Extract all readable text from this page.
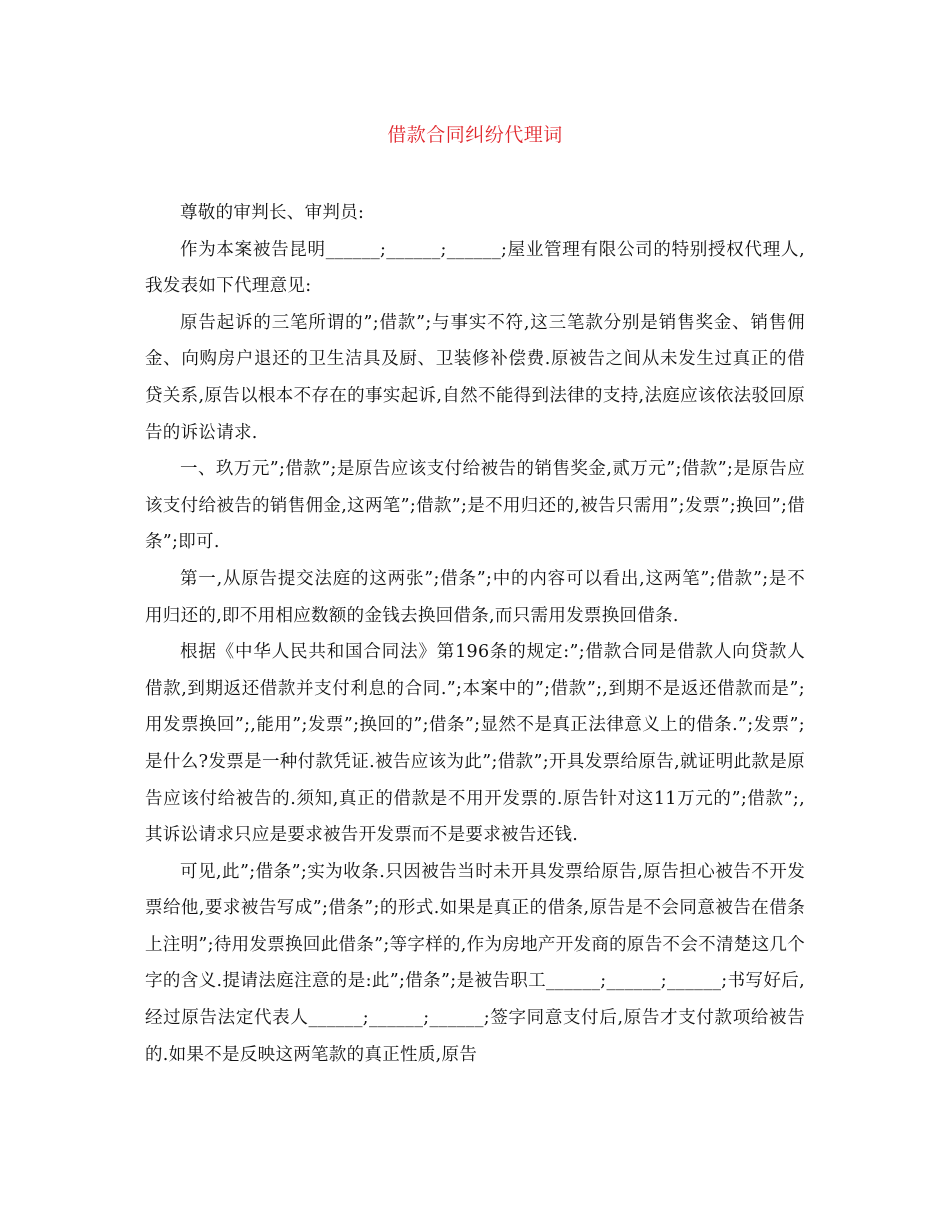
借款合同纠纷代理词

尊敬的审判长、审判员:

作为本案被告昆明______;______;______;屋业管理有限公司的特别授权代理人,我发表如下代理意见:

原告起诉的三笔所谓的”;借款”;与事实不符,这三笔款分别是销售奖金、销售佣金、向购房户退还的卫生洁具及厨、卫装修补偿费.原被告之间从未发生过真正的借贷关系,原告以根本不存在的事实起诉,自然不能得到法律的支持,法庭应该依法驳回原告的诉讼请求.

一、玖万元”;借款”;是原告应该支付给被告的销售奖金,贰万元”;借款”;是原告应该支付给被告的销售佣金,这两笔”;借款”;是不用归还的,被告只需用”;发票”;换回”;借条”;即可.

第一,从原告提交法庭的这两张”;借条”;中的内容可以看出,这两笔”;借款”;是不用归还的,即不用相应数额的金钱去换回借条,而只需用发票换回借条.

根据《中华人民共和国合同法》第196条的规定:”;借款合同是借款人向贷款人借款,到期返还借款并支付利息的合同.”;本案中的”;借款”;,到期不是返还借款而是”;用发票换回”;,能用”;发票”;换回的”;借条”;显然不是真正法律意义上的借条.”;发票”;是什么?发票是一种付款凭证.被告应该为此”;借款”;开具发票给原告,就证明此款是原告应该付给被告的.须知,真正的借款是不用开发票的.原告针对这11万元的”;借款”;,其诉讼请求只应是要求被告开发票而不是要求被告还钱.

可见,此”;借条”;实为收条.只因被告当时未开具发票给原告,原告担心被告不开发票给他,要求被告写成”;借条”;的形式.如果是真正的借条,原告是不会同意被告在借条上注明”;待用发票换回此借条”;等字样的,作为房地产开发商的原告不会不清楚这几个字的含义.提请法庭注意的是:此”;借条”;是被告职工______;______;______;书写好后,经过原告法定代表人______;______;______;签字同意支付后,原告才支付款项给被告的.如果不是反映这两笔款的真正性质,原告
